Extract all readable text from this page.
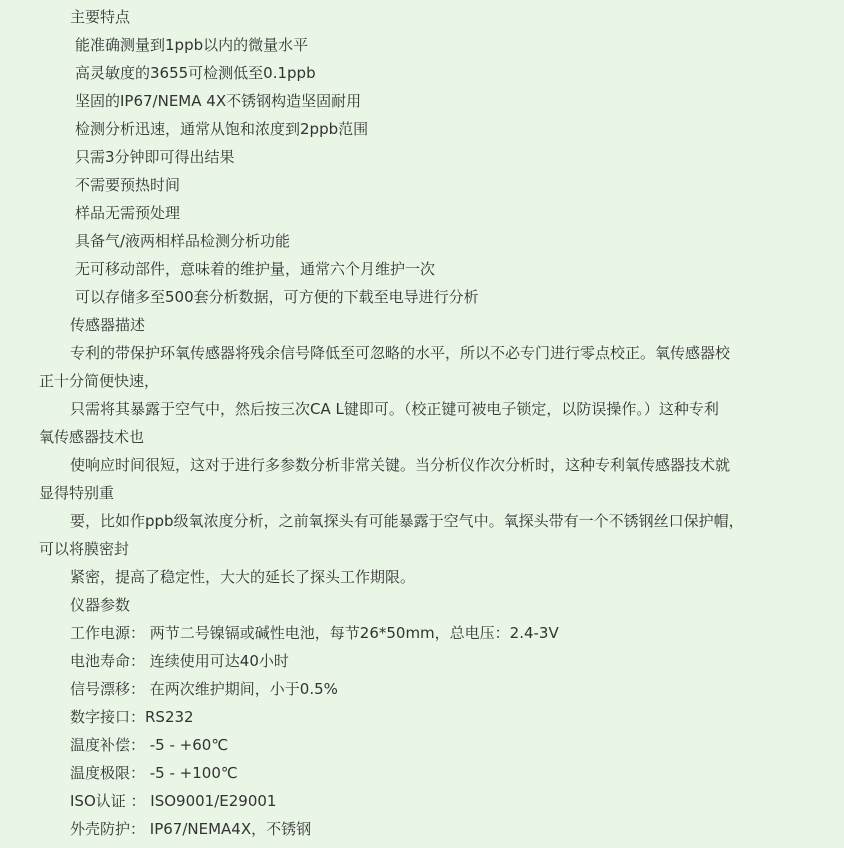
主要特点
能准确测量到1ppb以内的微量水平
高灵敏度的3655可检测低至0.1ppb
坚固的IP67/NEMA 4X不锈钢构造坚固耐用
检测分析迅速，通常从饱和浓度到2ppb范围
只需3分钟即可得出结果
不需要预热时间
样品无需预处理
具备气/液两相样品检测分析功能
无可移动部件，意味着的维护量，通常六个月维护一次
可以存储多至500套分析数据，可方便的下载至电导进行分析
传感器描述
专利的带保护环氧传感器将残余信号降低至可忽略的水平，所以不必专门进行零点校正。氧传感器校
正十分简便快速，
只需将其暴露于空气中，然后按三次CA L键即可。（校正键可被电子锁定，以防误操作。）这种专利
氧传感器技术也
使响应时间很短，这对于进行多参数分析非常关键。当分析仪作次分析时，这种专利氧传感器技术就
显得特别重
要，比如作ppb级氧浓度分析，之前氧探头有可能暴露于空气中。氧探头带有一个不锈钢丝口保护帽，
可以将膜密封
紧密，提高了稳定性，大大的延长了探头工作期限。
仪器参数
工作电源： 两节二号镍镉或碱性电池，每节26*50mm，总电压：2.4-3V
电池寿命： 连续使用可达40小时
信号漂移： 在两次维护期间，小于0.5%
数字接口：RS232
温度补偿： -5 - +60℃
温度极限： -5 - +100℃
ISO认证 ： ISO9001/E29001
外壳防护： IP67/NEMA4X，不锈钢
